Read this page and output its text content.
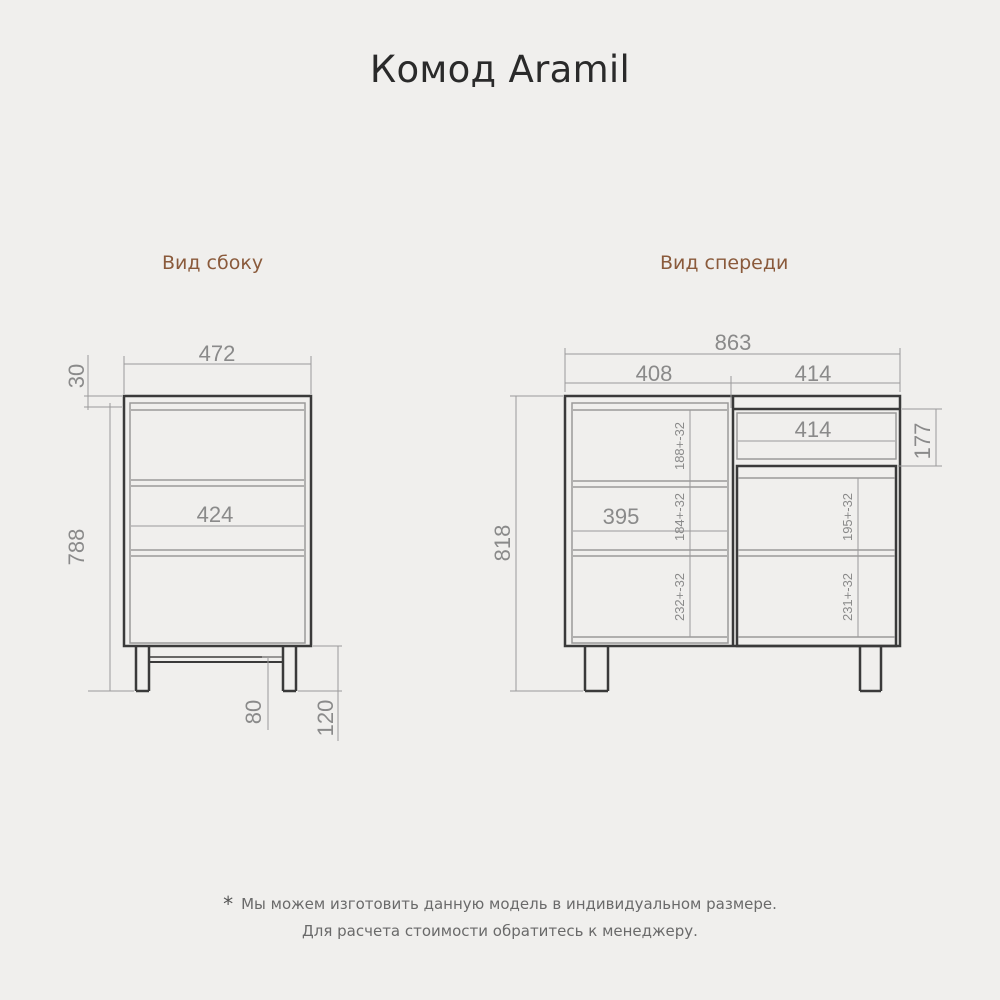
Комод Aramil
Вид сбоку	Вид спереди
472
30
788
424
80 120
863
408	414
414	177
818
395
188+-32
184+-32
232+-32
195+-32
231+-32
* Мы можем изготовить данную модель в индивидуальном размере.
Для расчета стоимости обратитесь к менеджеру.
